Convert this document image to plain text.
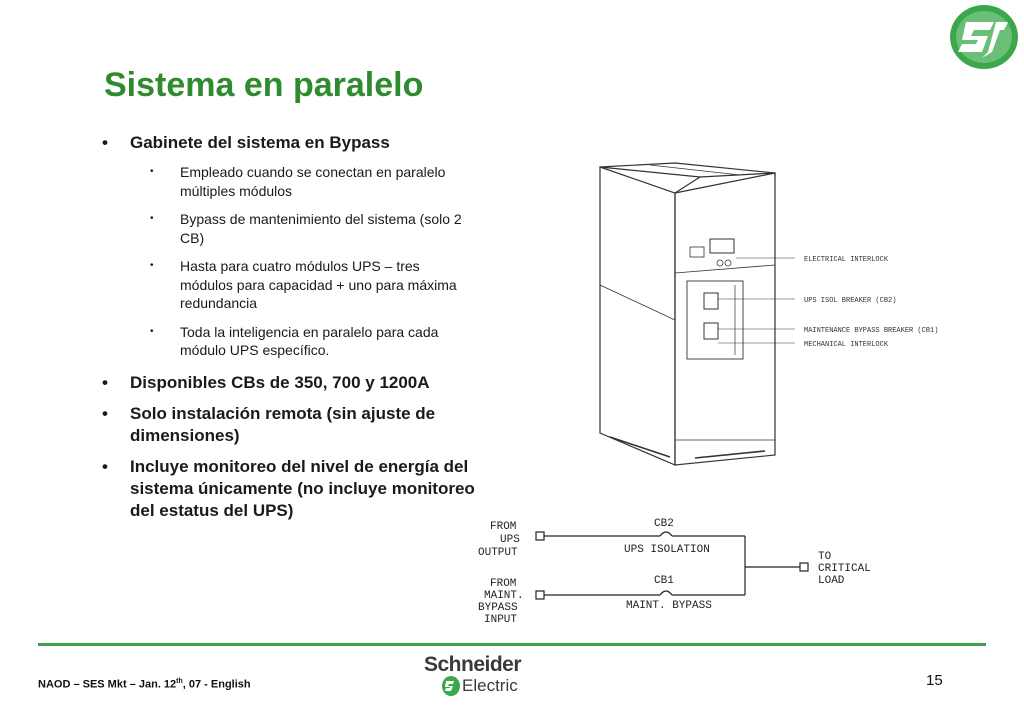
Sistema en paralelo
• Gabinete del sistema en Bypass
• Empleado cuando se conectan en paralelo múltiples módulos
• Bypass de mantenimiento del sistema (solo 2 CB)
• Hasta para cuatro módulos UPS – tres módulos para capacidad + uno para máxima redundancia
• Toda la inteligencia en paralelo para cada módulo UPS específico.
• Disponibles CBs de 350, 700 y 1200A
• Solo instalación remota (sin ajuste de dimensiones)
• Incluye monitoreo del nivel de energía del sistema únicamente (no incluye monitoreo del estatus del UPS)
ELECTRICAL INTERLOCK
UPS ISOL BREAKER (CB2)
MAINTENANCE BYPASS BREAKER (CB1)
MECHANICAL INTERLOCK
FROM
UPS
OUTPUT
FROM
MAINT.
BYPASS
INPUT
CB2
UPS ISOLATION
CB1
MAINT. BYPASS
TO
CRITICAL
LOAD
NAOD – SES Mkt – Jan. 12th, 07 - English
Schneider
Electric	15
